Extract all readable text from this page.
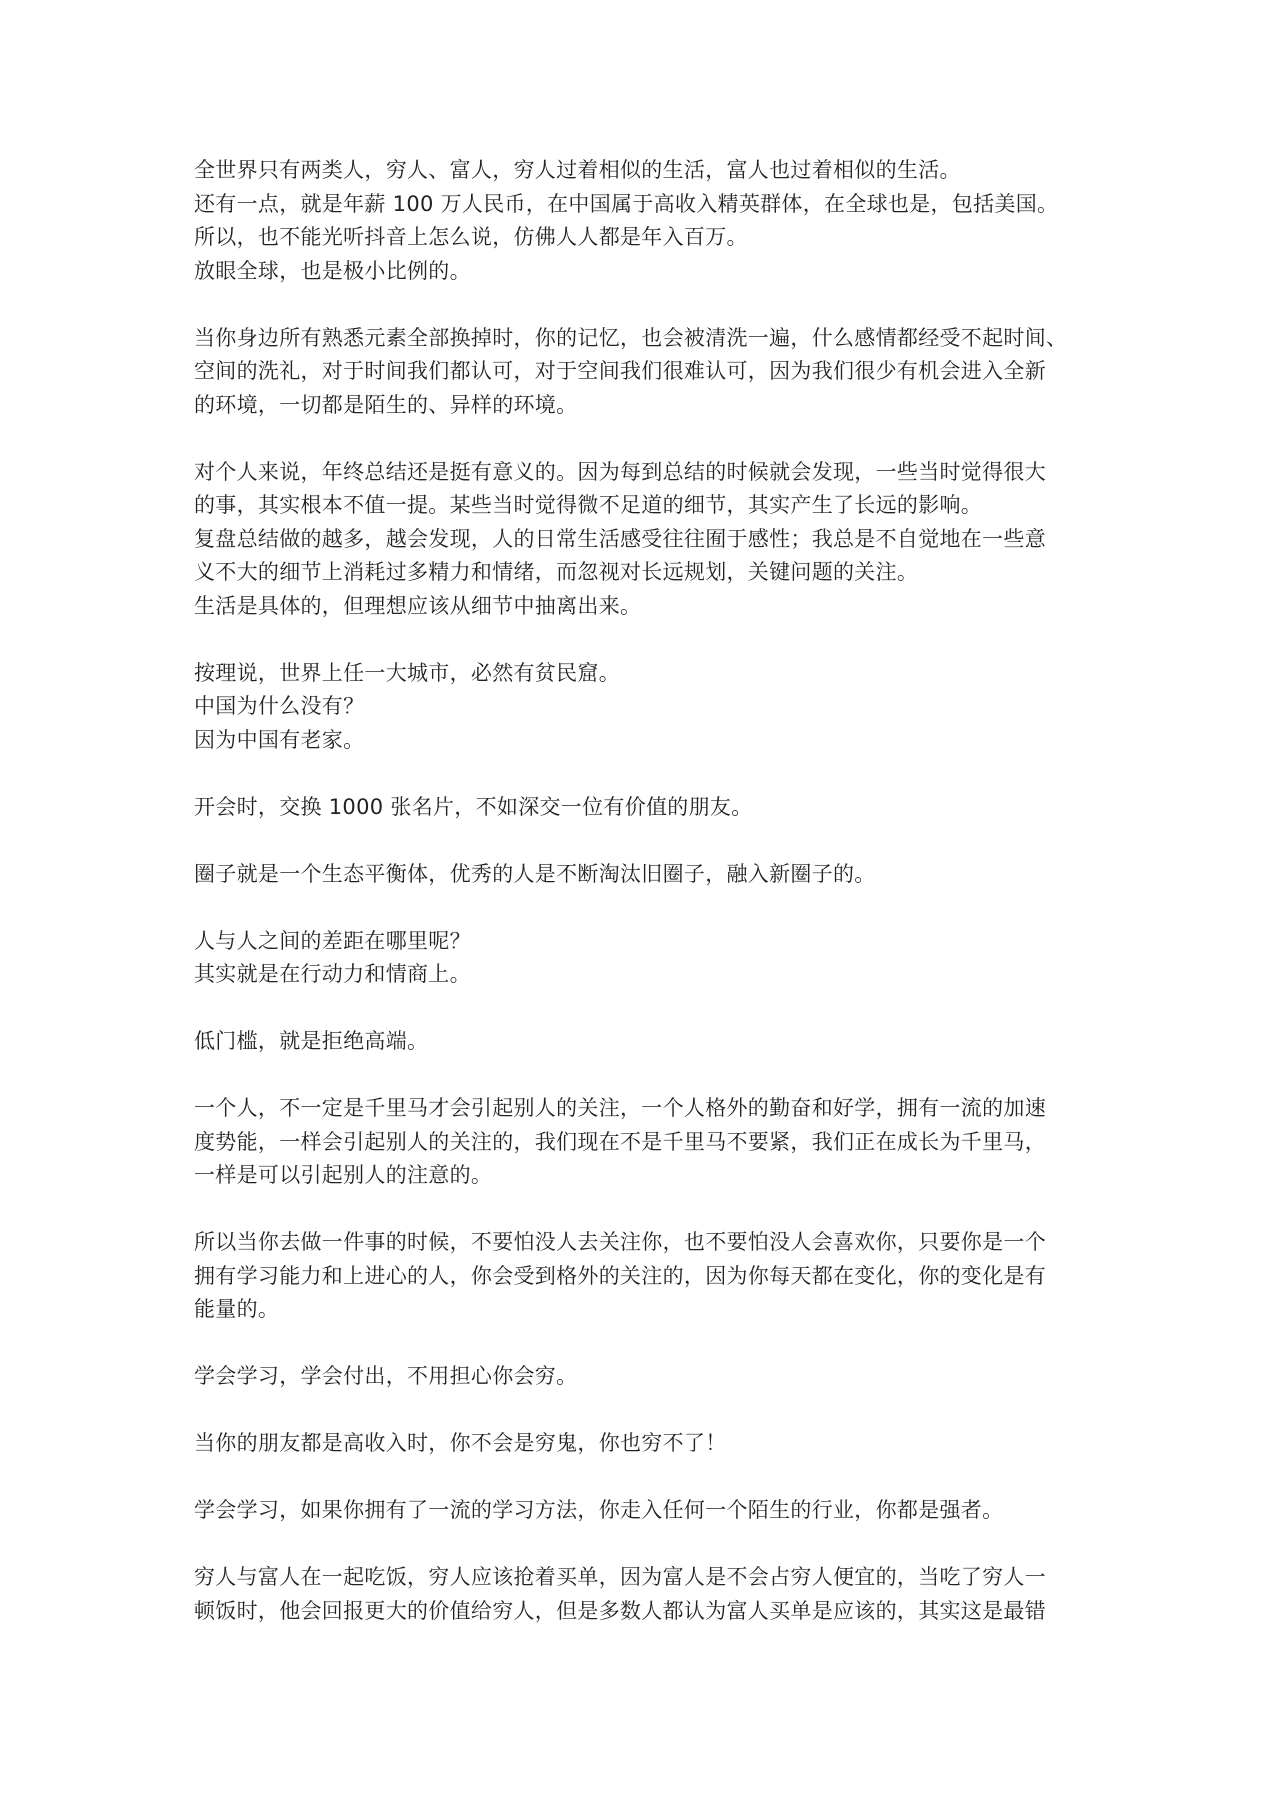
全世界只有两类人，穷人、富人，穷人过着相似的生活，富人也过着相似的生活。
还有一点，就是年薪 100 万人民币，在中国属于高收入精英群体，在全球也是，包括美国。
所以，也不能光听抖音上怎么说，仿佛人人都是年入百万。
放眼全球，也是极小比例的。
当你身边所有熟悉元素全部换掉时，你的记忆，也会被清洗一遍，什么感情都经受不起时间、
空间的洗礼，对于时间我们都认可，对于空间我们很难认可，因为我们很少有机会进入全新
的环境，一切都是陌生的、异样的环境。
对个人来说，年终总结还是挺有意义的。因为每到总结的时候就会发现，一些当时觉得很大
的事，其实根本不值一提。某些当时觉得微不足道的细节，其实产生了长远的影响。
复盘总结做的越多，越会发现，人的日常生活感受往往囿于感性；我总是不自觉地在一些意
义不大的细节上消耗过多精力和情绪，而忽视对长远规划，关键问题的关注。
生活是具体的，但理想应该从细节中抽离出来。
按理说，世界上任一大城市，必然有贫民窟。
中国为什么没有？
因为中国有老家。
开会时，交换 1000 张名片，不如深交一位有价值的朋友。
圈子就是一个生态平衡体，优秀的人是不断淘汰旧圈子，融入新圈子的。
人与人之间的差距在哪里呢？
其实就是在行动力和情商上。
低门槛，就是拒绝高端。
一个人，不一定是千里马才会引起别人的关注，一个人格外的勤奋和好学，拥有一流的加速
度势能，一样会引起别人的关注的，我们现在不是千里马不要紧，我们正在成长为千里马，
一样是可以引起别人的注意的。
所以当你去做一件事的时候，不要怕没人去关注你，也不要怕没人会喜欢你，只要你是一个
拥有学习能力和上进心的人，你会受到格外的关注的，因为你每天都在变化，你的变化是有
能量的。
学会学习，学会付出，不用担心你会穷。
当你的朋友都是高收入时，你不会是穷鬼，你也穷不了！
学会学习，如果你拥有了一流的学习方法，你走入任何一个陌生的行业，你都是强者。
穷人与富人在一起吃饭，穷人应该抢着买单，因为富人是不会占穷人便宜的，当吃了穷人一
顿饭时，他会回报更大的价值给穷人，但是多数人都认为富人买单是应该的，其实这是最错
